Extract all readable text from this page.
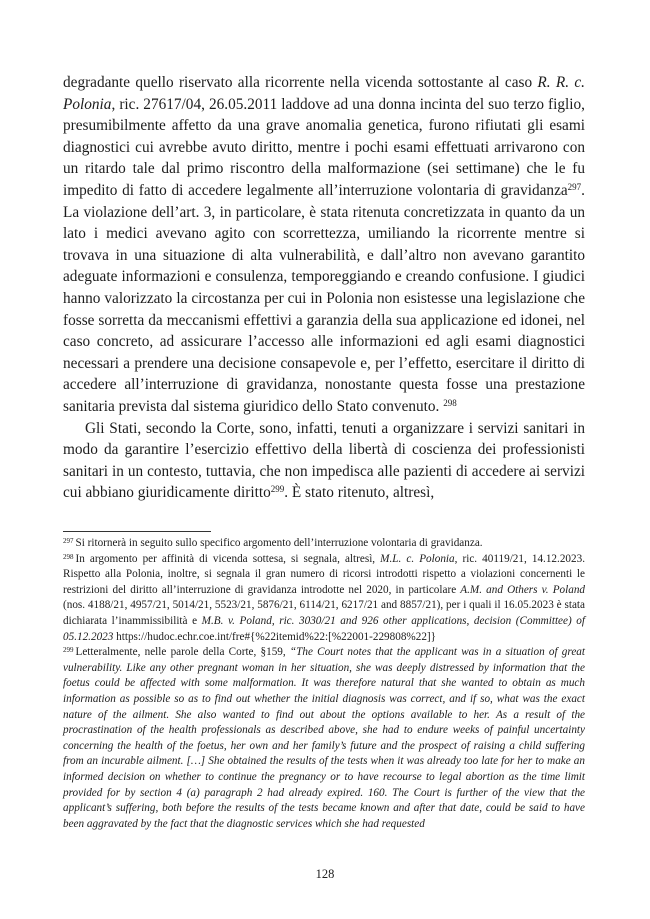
degradante quello riservato alla ricorrente nella vicenda sottostante al caso R. R. c. Polonia, ric. 27617/04, 26.05.2011 laddove ad una donna incinta del suo terzo figlio, presumibilmente affetto da una grave anomalia genetica, furono rifiutati gli esami diagnostici cui avrebbe avuto diritto, mentre i pochi esami effettuati arrivarono con un ritardo tale dal primo riscontro della malformazione (sei settimane) che le fu impedito di fatto di accedere legalmente all’interruzione volontaria di gravidanza$^{297}$. La violazione dell’art. 3, in particolare, è stata ritenuta concretizzata in quanto da un lato i medici avevano agito con scorrettezza, umiliando la ricorrente mentre si trovava in una situazione di alta vulnerabilità, e dall’altro non avevano garantito adeguate informazioni e consulenza, temporeggiando e creando confusione. I giudici hanno valorizzato la circostanza per cui in Polonia non esistesse una legislazione che fosse sorretta da meccanismi effettivi a garanzia della sua applicazione ed idonei, nel caso concreto, ad assicurare l’accesso alle informazioni ed agli esami diagnostici necessari a prendere una decisione consapevole e, per l’effetto, esercitare il diritto di accedere all’interruzione di gravidanza, nonostante questa fosse una prestazione sanitaria prevista dal sistema giuridico dello Stato convenuto. $^{298}$

Gli Stati, secondo la Corte, sono, infatti, tenuti a organizzare i servizi sanitari in modo da garantire l’esercizio effettivo della libertà di coscienza dei professionisti sanitari in un contesto, tuttavia, che non impedisca alle pazienti di accedere ai servizi cui abbiano giuridicamente diritto$^{299}$. È stato ritenuto, altresì,

$^{297}$ Si ritornerà in seguito sullo specifico argomento dell’interruzione volontaria di gravidanza.

$^{298}$ In argomento per affinità di vicenda sottesa, si segnala, altresì, M.L. c. Polonia, ric. 40119/21, 14.12.2023. Rispetto alla Polonia, inoltre, si segnala il gran numero di ricorsi introdotti rispetto a violazioni concernenti le restrizioni del diritto all’interruzione di gravidanza introdotte nel 2020, in particolare A.M. and Others v. Poland (nos. 4188/21, 4957/21, 5014/21, 5523/21, 5876/21, 6114/21, 6217/21 and 8857/21), per i quali il 16.05.2023 è stata dichiarata l’inammissibilità e M.B. v. Poland, ric. 3030/21 and 926 other applications, decision (Committee) of 05.12.2023 https://hudoc.echr.coe.int/fre#{%22itemid%22:[%22001-229808%22]}

$^{299}$ Letteralmente, nelle parole della Corte, §159, “The Court notes that the applicant was in a situation of great vulnerability. Like any other pregnant woman in her situation, she was deeply distressed by information that the foetus could be affected with some malformation. It was therefore natural that she wanted to obtain as much information as possible so as to find out whether the initial diagnosis was correct, and if so, what was the exact nature of the ailment. She also wanted to find out about the options available to her. As a result of the procrastination of the health professionals as described above, she had to endure weeks of painful uncertainty concerning the health of the foetus, her own and her family’s future and the prospect of raising a child suffering from an incurable ailment. […] She obtained the results of the tests when it was already too late for her to make an informed decision on whether to continue the pregnancy or to have recourse to legal abortion as the time limit provided for by section 4 (a) paragraph 2 had already expired. 160. The Court is further of the view that the applicant’s suffering, both before the results of the tests became known and after that date, could be said to have been aggravated by the fact that the diagnostic services which she had requested

128
